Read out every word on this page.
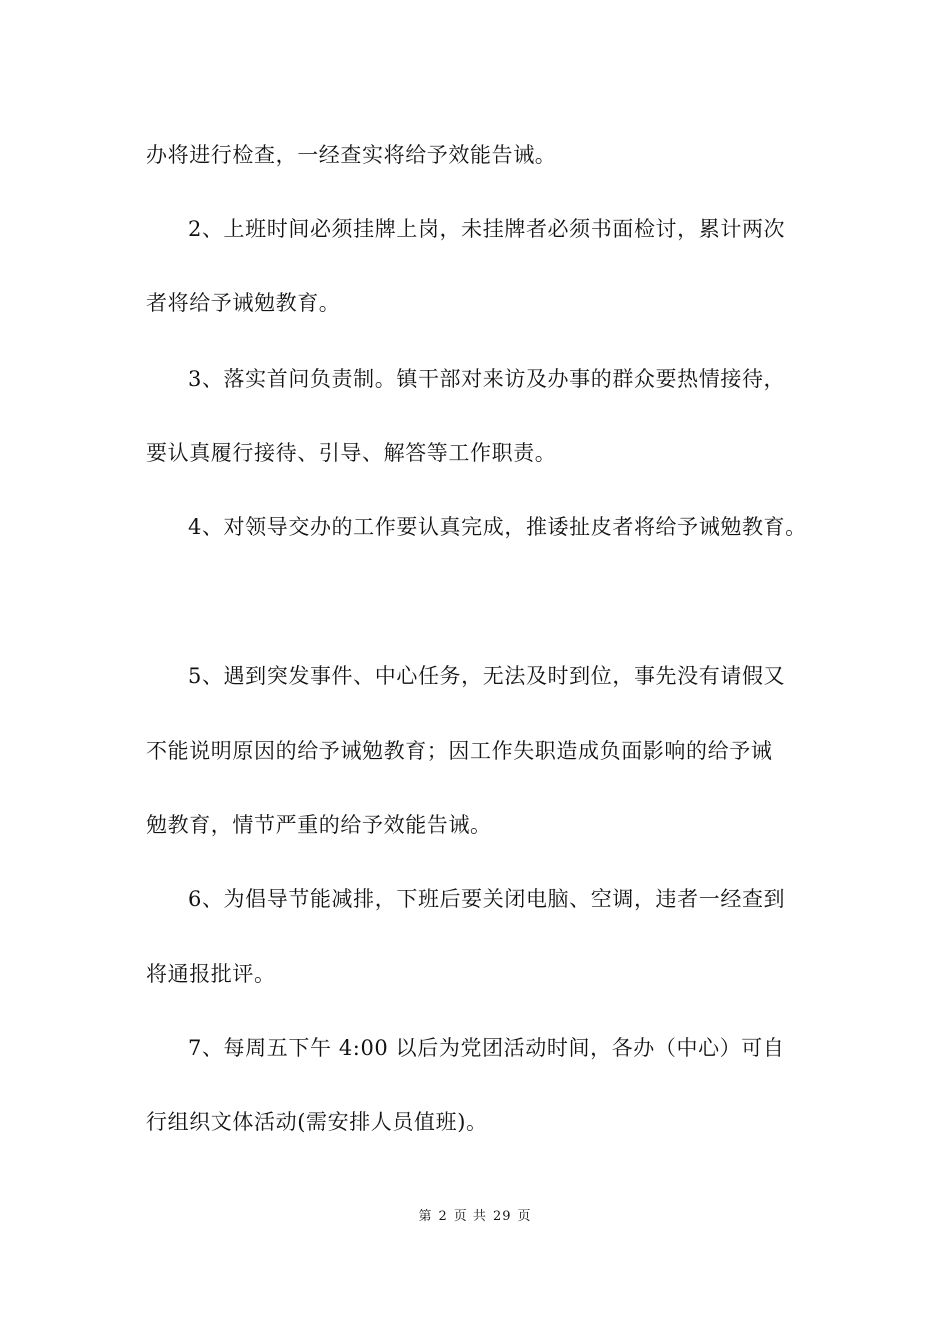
办将进行检查，一经查实将给予效能告诫。
2、上班时间必须挂牌上岗，未挂牌者必须书面检讨，累计两次
者将给予诫勉教育。
3、落实首问负责制。镇干部对来访及办事的群众要热情接待，
要认真履行接待、引导、解答等工作职责。
4、对领导交办的工作要认真完成，推诿扯皮者将给予诫勉教育。
5、遇到突发事件、中心任务，无法及时到位，事先没有请假又
不能说明原因的给予诫勉教育；因工作失职造成负面影响的给予诫
勉教育，情节严重的给予效能告诫。
6、为倡导节能减排，下班后要关闭电脑、空调，违者一经查到
将通报批评。
7、每周五下午 4:00 以后为党团活动时间，各办（中心）可自
行组织文体活动(需安排人员值班)。
第 2 页 共 29 页
